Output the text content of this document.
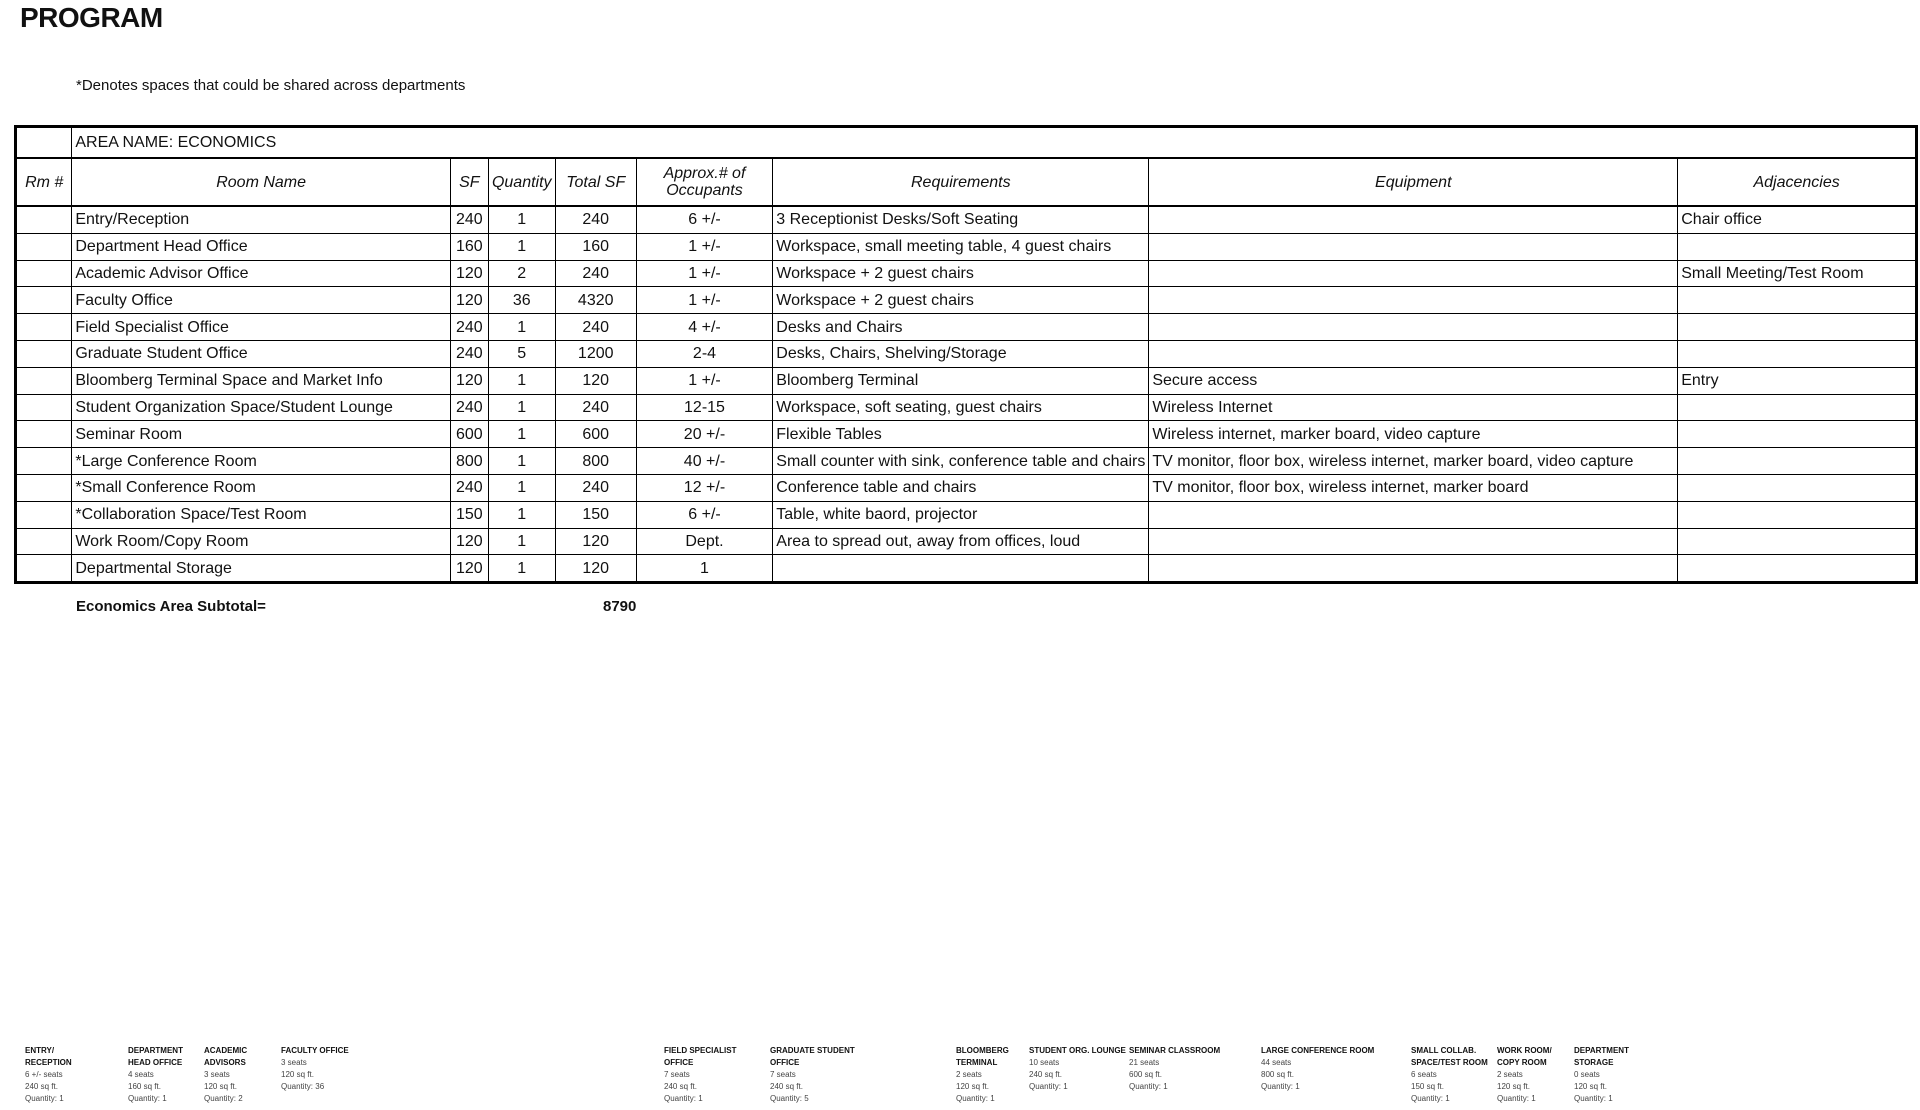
PROGRAM
*Denotes spaces that could be shared across departments
	AREA NAME: ECONOMICS							
Rm #	Room Name	SF	Quantity	Total SF	Approx.# of Occupants	Requirements	Equipment	Adjacencies
	Entry/Reception	240	1	240	6 +/-	3 Receptionist Desks/Soft Seating		Chair office
	Department Head Office	160	1	160	1 +/-	Workspace, small meeting table, 4 guest chairs		
	Academic Advisor Office	120	2	240	1 +/-	Workspace + 2 guest chairs		Small Meeting/Test Room
	Faculty Office	120	36	4320	1 +/-	Workspace + 2 guest chairs		
	Field Specialist Office	240	1	240	4 +/-	Desks and Chairs		
	Graduate Student Office	240	5	1200	2-4	Desks, Chairs, Shelving/Storage		
	Bloomberg Terminal Space and Market Info	120	1	120	1 +/-	Bloomberg Terminal	Secure access	Entry
	Student Organization Space/Student Lounge	240	1	240	12-15	Workspace, soft seating, guest chairs	Wireless Internet	
	Seminar Room	600	1	600	20 +/-	Flexible Tables	Wireless internet, marker board, video capture	
	*Large Conference Room	800	1	800	40 +/-	Small counter with sink, conference table and chairs	TV monitor, floor box, wireless internet, marker board, video capture	
	*Small Conference Room	240	1	240	12 +/-	Conference table and chairs	TV monitor, floor box, wireless internet, marker board	
	*Collaboration Space/Test Room	150	1	150	6 +/-	Table, white baord, projector		
	Work Room/Copy Room	120	1	120	Dept.	Area to spread out, away from offices, loud		
	Departmental Storage	120	1	120	1			
Economics Area Subtotal=	8790
ENTRY/
RECEPTION
6 +/- seats
240 sq ft.
Quantity: 1
DEPARTMENT
HEAD OFFICE
4 seats
160 sq ft.
Quantity: 1
ACADEMIC
ADVISORS
3 seats
120 sq ft.
Quantity: 2
FACULTY OFFICE
3 seats
120 sq ft.
Quantity: 36
FIELD SPECIALIST
OFFICE
7 seats
240 sq ft.
Quantity: 1
GRADUATE STUDENT
OFFICE
7 seats
240 sq ft.
Quantity: 5
BLOOMBERG
TERMINAL
2 seats
120 sq ft.
Quantity: 1
STUDENT ORG. LOUNGE
10 seats
240 sq ft.
Quantity: 1
SEMINAR CLASSROOM
21 seats
600 sq ft.
Quantity: 1
LARGE CONFERENCE ROOM
44 seats
800 sq ft.
Quantity: 1
SMALL COLLAB.
SPACE/TEST ROOM
6 seats
150 sq ft.
Quantity: 1
WORK ROOM/
COPY ROOM
2 seats
120 sq ft.
Quantity: 1
DEPARTMENT
STORAGE
0 seats
120 sq ft.
Quantity: 1
